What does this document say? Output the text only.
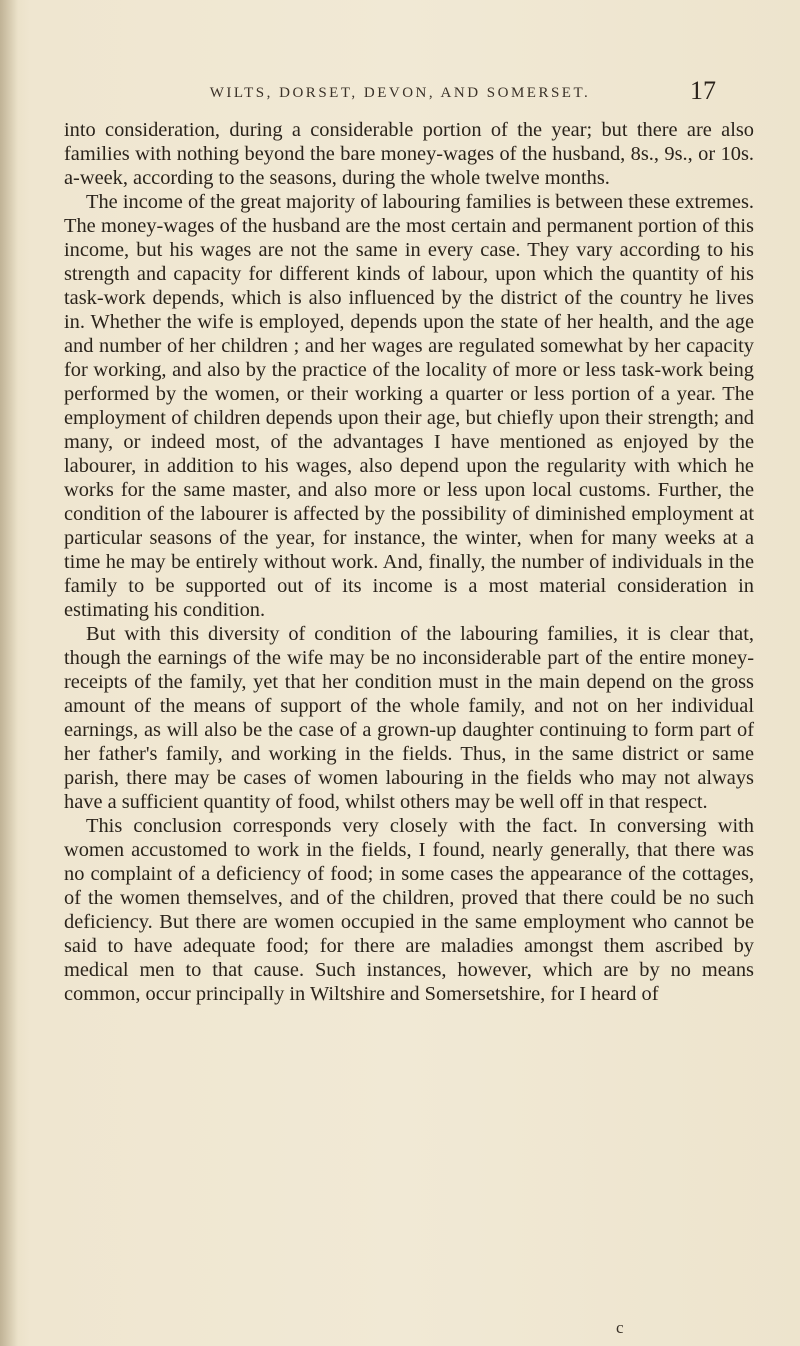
WILTS, DORSET, DEVON, AND SOMERSET.	17

into consideration, during a considerable portion of the year; but there are also families with nothing beyond the bare money-wages of the husband, 8s., 9s., or 10s. a-week, according to the seasons, during the whole twelve months.

The income of the great majority of labouring families is between these extremes. The money-wages of the husband are the most certain and permanent portion of this income, but his wages are not the same in every case. They vary according to his strength and capacity for different kinds of labour, upon which the quantity of his task-work depends, which is also influenced by the district of the country he lives in. Whether the wife is employed, depends upon the state of her health, and the age and number of her children ; and her wages are regulated somewhat by her capacity for working, and also by the practice of the locality of more or less task-work being performed by the women, or their working a quarter or less portion of a year. The employment of children depends upon their age, but chiefly upon their strength; and many, or indeed most, of the advantages I have mentioned as enjoyed by the labourer, in addition to his wages, also depend upon the regularity with which he works for the same master, and also more or less upon local customs. Further, the condition of the labourer is affected by the possibility of diminished employment at particular seasons of the year, for instance, the winter, when for many weeks at a time he may be entirely without work. And, finally, the number of individuals in the family to be supported out of its income is a most material consideration in estimating his condition.

But with this diversity of condition of the labouring families, it is clear that, though the earnings of the wife may be no inconsiderable part of the entire money-receipts of the family, yet that her condition must in the main depend on the gross amount of the means of support of the whole family, and not on her individual earnings, as will also be the case of a grown-up daughter continuing to form part of her father's family, and working in the fields. Thus, in the same district or same parish, there may be cases of women labouring in the fields who may not always have a sufficient quantity of food, whilst others may be well off in that respect.

This conclusion corresponds very closely with the fact. In conversing with women accustomed to work in the fields, I found, nearly generally, that there was no complaint of a deficiency of food; in some cases the appearance of the cottages, of the women themselves, and of the children, proved that there could be no such deficiency. But there are women occupied in the same employment who cannot be said to have adequate food; for there are maladies amongst them ascribed by medical men to that cause. Such instances, however, which are by no means common, occur principally in Wiltshire and Somersetshire, for I heard of

c
